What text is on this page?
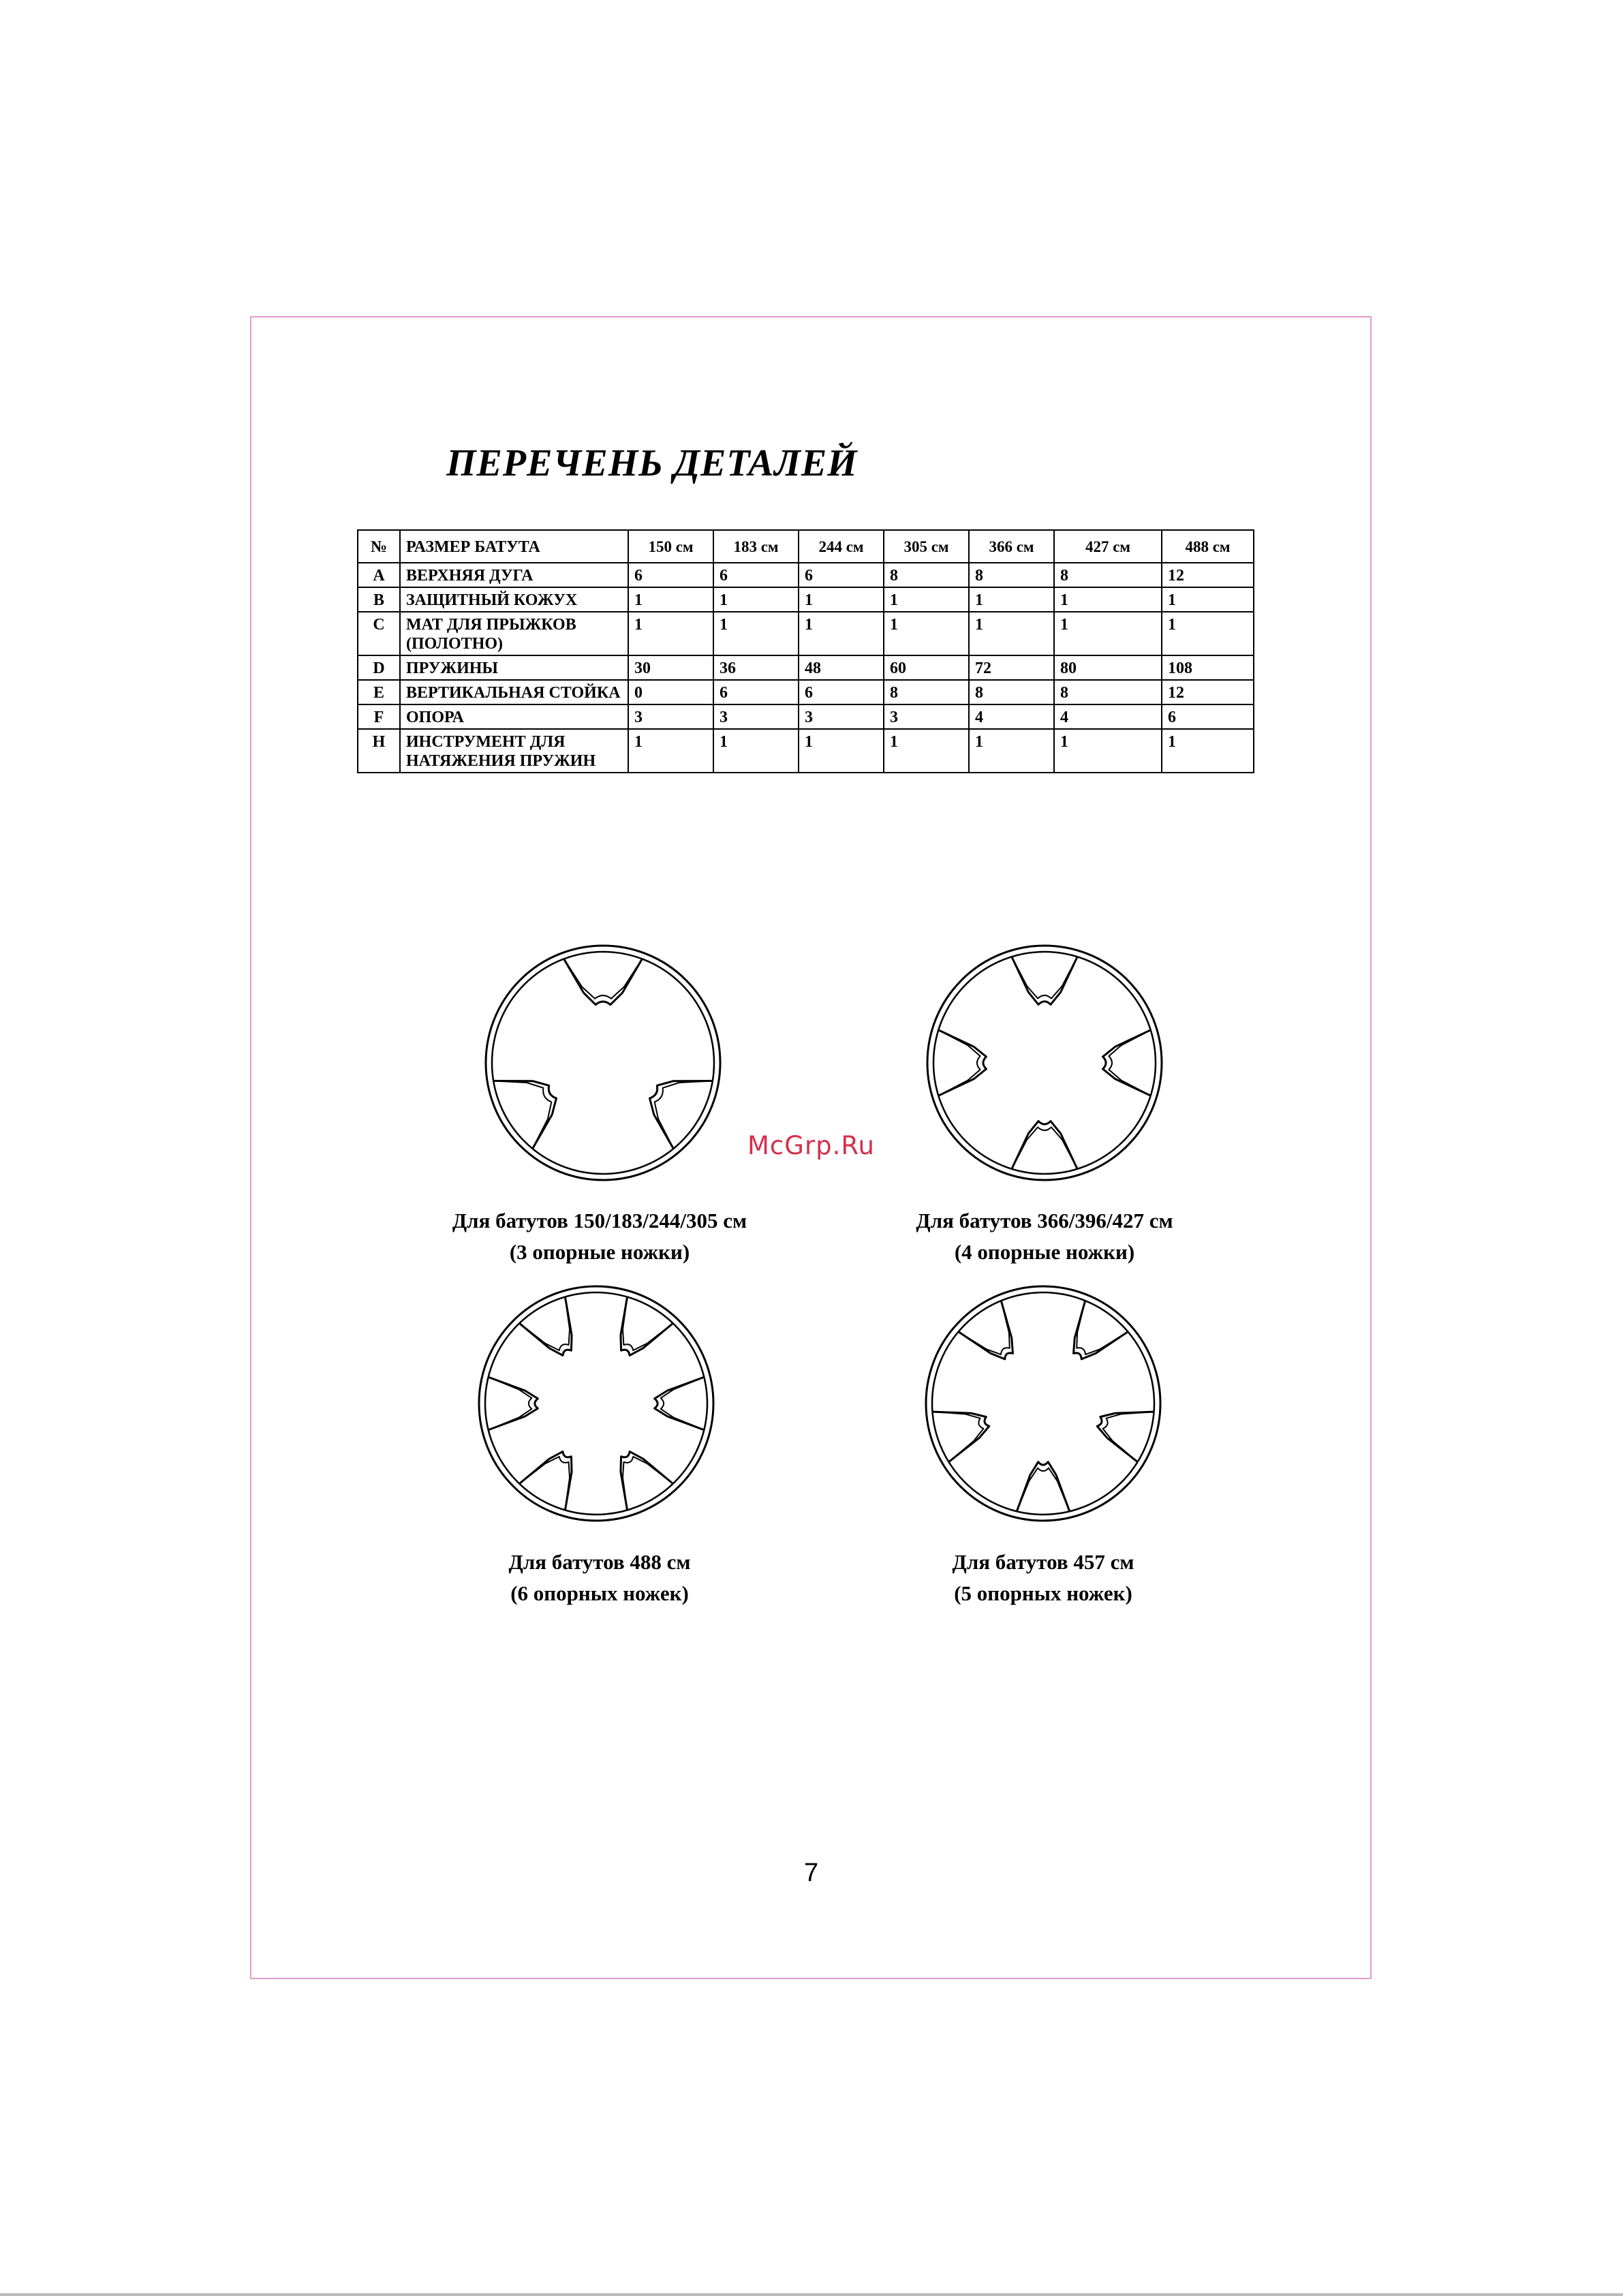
ПЕРЕЧЕНЬ ДЕТАЛЕЙ
№	РАЗМЕР БАТУТА	150 см	183 см	244 см	305 см	366 см	427 см	488 см
A	ВЕРХНЯЯ ДУГА	6	6	6	8	8	8	12
B	ЗАЩИТНЫЙ КОЖУХ	1	1	1	1	1	1	1
C	МАТ ДЛЯ ПРЫЖКОВ (ПОЛОТНО)	1	1	1	1	1	1	1
D	ПРУЖИНЫ	30	36	48	60	72	80	108
E	ВЕРТИКАЛЬНАЯ СТОЙКА	0	6	6	8	8	8	12
F	ОПОРА	3	3	3	3	4	4	6
H	ИНСТРУМЕНТ ДЛЯ НАТЯЖЕНИЯ ПРУЖИН	1	1	1	1	1	1	1
Для батутов 150/183/244/305 см
(3 опорные ножки)
Для батутов 366/396/427 см
(4 опорные ножки)
Для батутов 488 см
(6 опорных ножек)
Для батутов 457 см
(5 опорных ножек)
McGrp.Ru
7
